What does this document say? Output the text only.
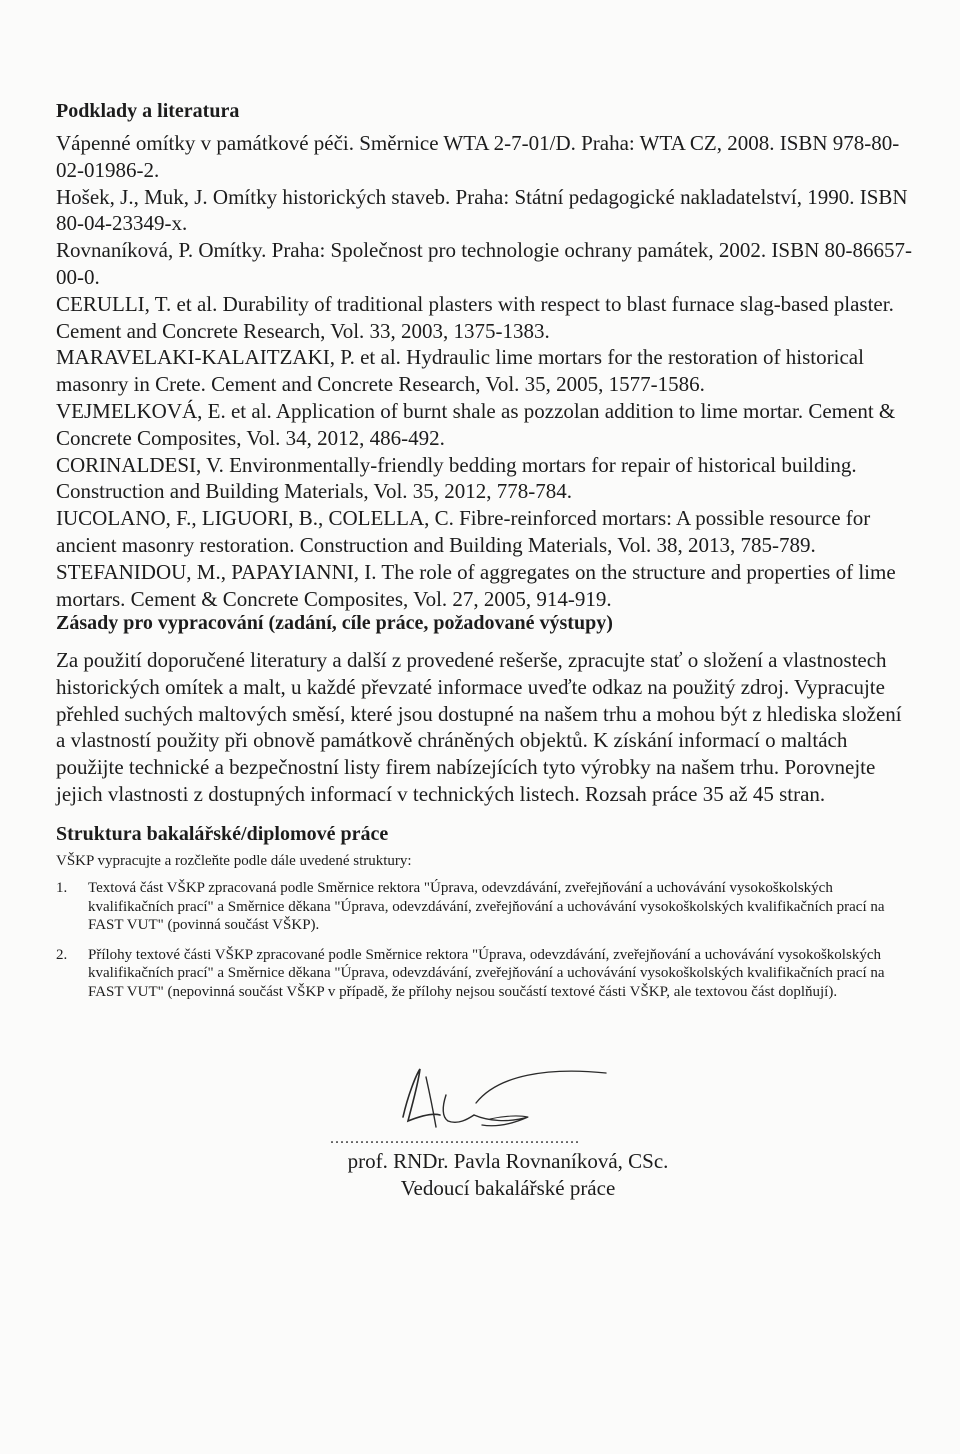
Podklady a literatura

Vápenné omítky v památkové péči. Směrnice WTA 2-7-01/D. Praha: WTA CZ, 2008. ISBN 978-80-02-01986-2.

Hošek, J., Muk, J. Omítky historických staveb. Praha: Státní pedagogické nakladatelství, 1990. ISBN 80-04-23349-x.

Rovnaníková, P. Omítky. Praha: Společnost pro technologie ochrany památek, 2002. ISBN 80-86657-00-0.

CERULLI, T. et al. Durability of traditional plasters with respect to blast furnace slag-based plaster. Cement and Concrete Research, Vol. 33, 2003, 1375-1383.

MARAVELAKI-KALAITZAKI, P. et al. Hydraulic lime mortars for the restoration of historical masonry in Crete. Cement and Concrete Research, Vol. 35, 2005, 1577-1586.

VEJMELKOVÁ, E. et al. Application of burnt shale as pozzolan addition to lime mortar. Cement & Concrete Composites, Vol. 34, 2012, 486-492.

CORINALDESI, V. Environmentally-friendly bedding mortars for repair of historical building. Construction and Building Materials, Vol. 35, 2012, 778-784.

IUCOLANO, F., LIGUORI, B., COLELLA, C. Fibre-reinforced mortars: A possible resource for ancient masonry restoration. Construction and Building Materials, Vol. 38, 2013, 785-789.

STEFANIDOU, M., PAPAYIANNI, I. The role of aggregates on the structure and properties of lime mortars. Cement & Concrete Composites, Vol. 27, 2005, 914-919.

Zásady pro vypracování (zadání, cíle práce, požadované výstupy)

Za použití doporučené literatury a další z provedené rešerše, zpracujte stať o složení a vlastnostech historických omítek a malt, u každé převzaté informace uveďte odkaz na použitý zdroj. Vypracujte přehled suchých maltových směsí, které jsou dostupné na našem trhu a mohou být z hlediska složení a vlastností použity při obnově památkově chráněných objektů. K získání informací o maltách použijte technické a bezpečnostní listy firem nabízejících tyto výrobky na našem trhu. Porovnejte jejich vlastnosti z dostupných informací v technických listech. Rozsah práce 35 až 45 stran.

Struktura bakalářské/diplomové práce

VŠKP vypracujte a rozčleňte podle dále uvedené struktury:

1. Textová část VŠKP zpracovaná podle Směrnice rektora "Úprava, odevzdávání, zveřejňování a uchovávání vysokoškolských kvalifikačních prací" a Směrnice děkana "Úprava, odevzdávání, zveřejňování a uchovávání vysokoškolských kvalifikačních prací na FAST VUT" (povinná součást VŠKP).
2. Přílohy textové části VŠKP zpracované podle Směrnice rektora "Úprava, odevzdávání, zveřejňování a uchovávání vysokoškolských kvalifikačních prací" a Směrnice děkana "Úprava, odevzdávání, zveřejňování a uchovávání vysokoškolských kvalifikačních prací na FAST VUT" (nepovinná součást VŠKP v případě, že přílohy nejsou součástí textové části VŠKP, ale textovou část doplňují).
..................................................
prof. RNDr. Pavla Rovnaníková, CSc.
Vedoucí bakalářské práce
